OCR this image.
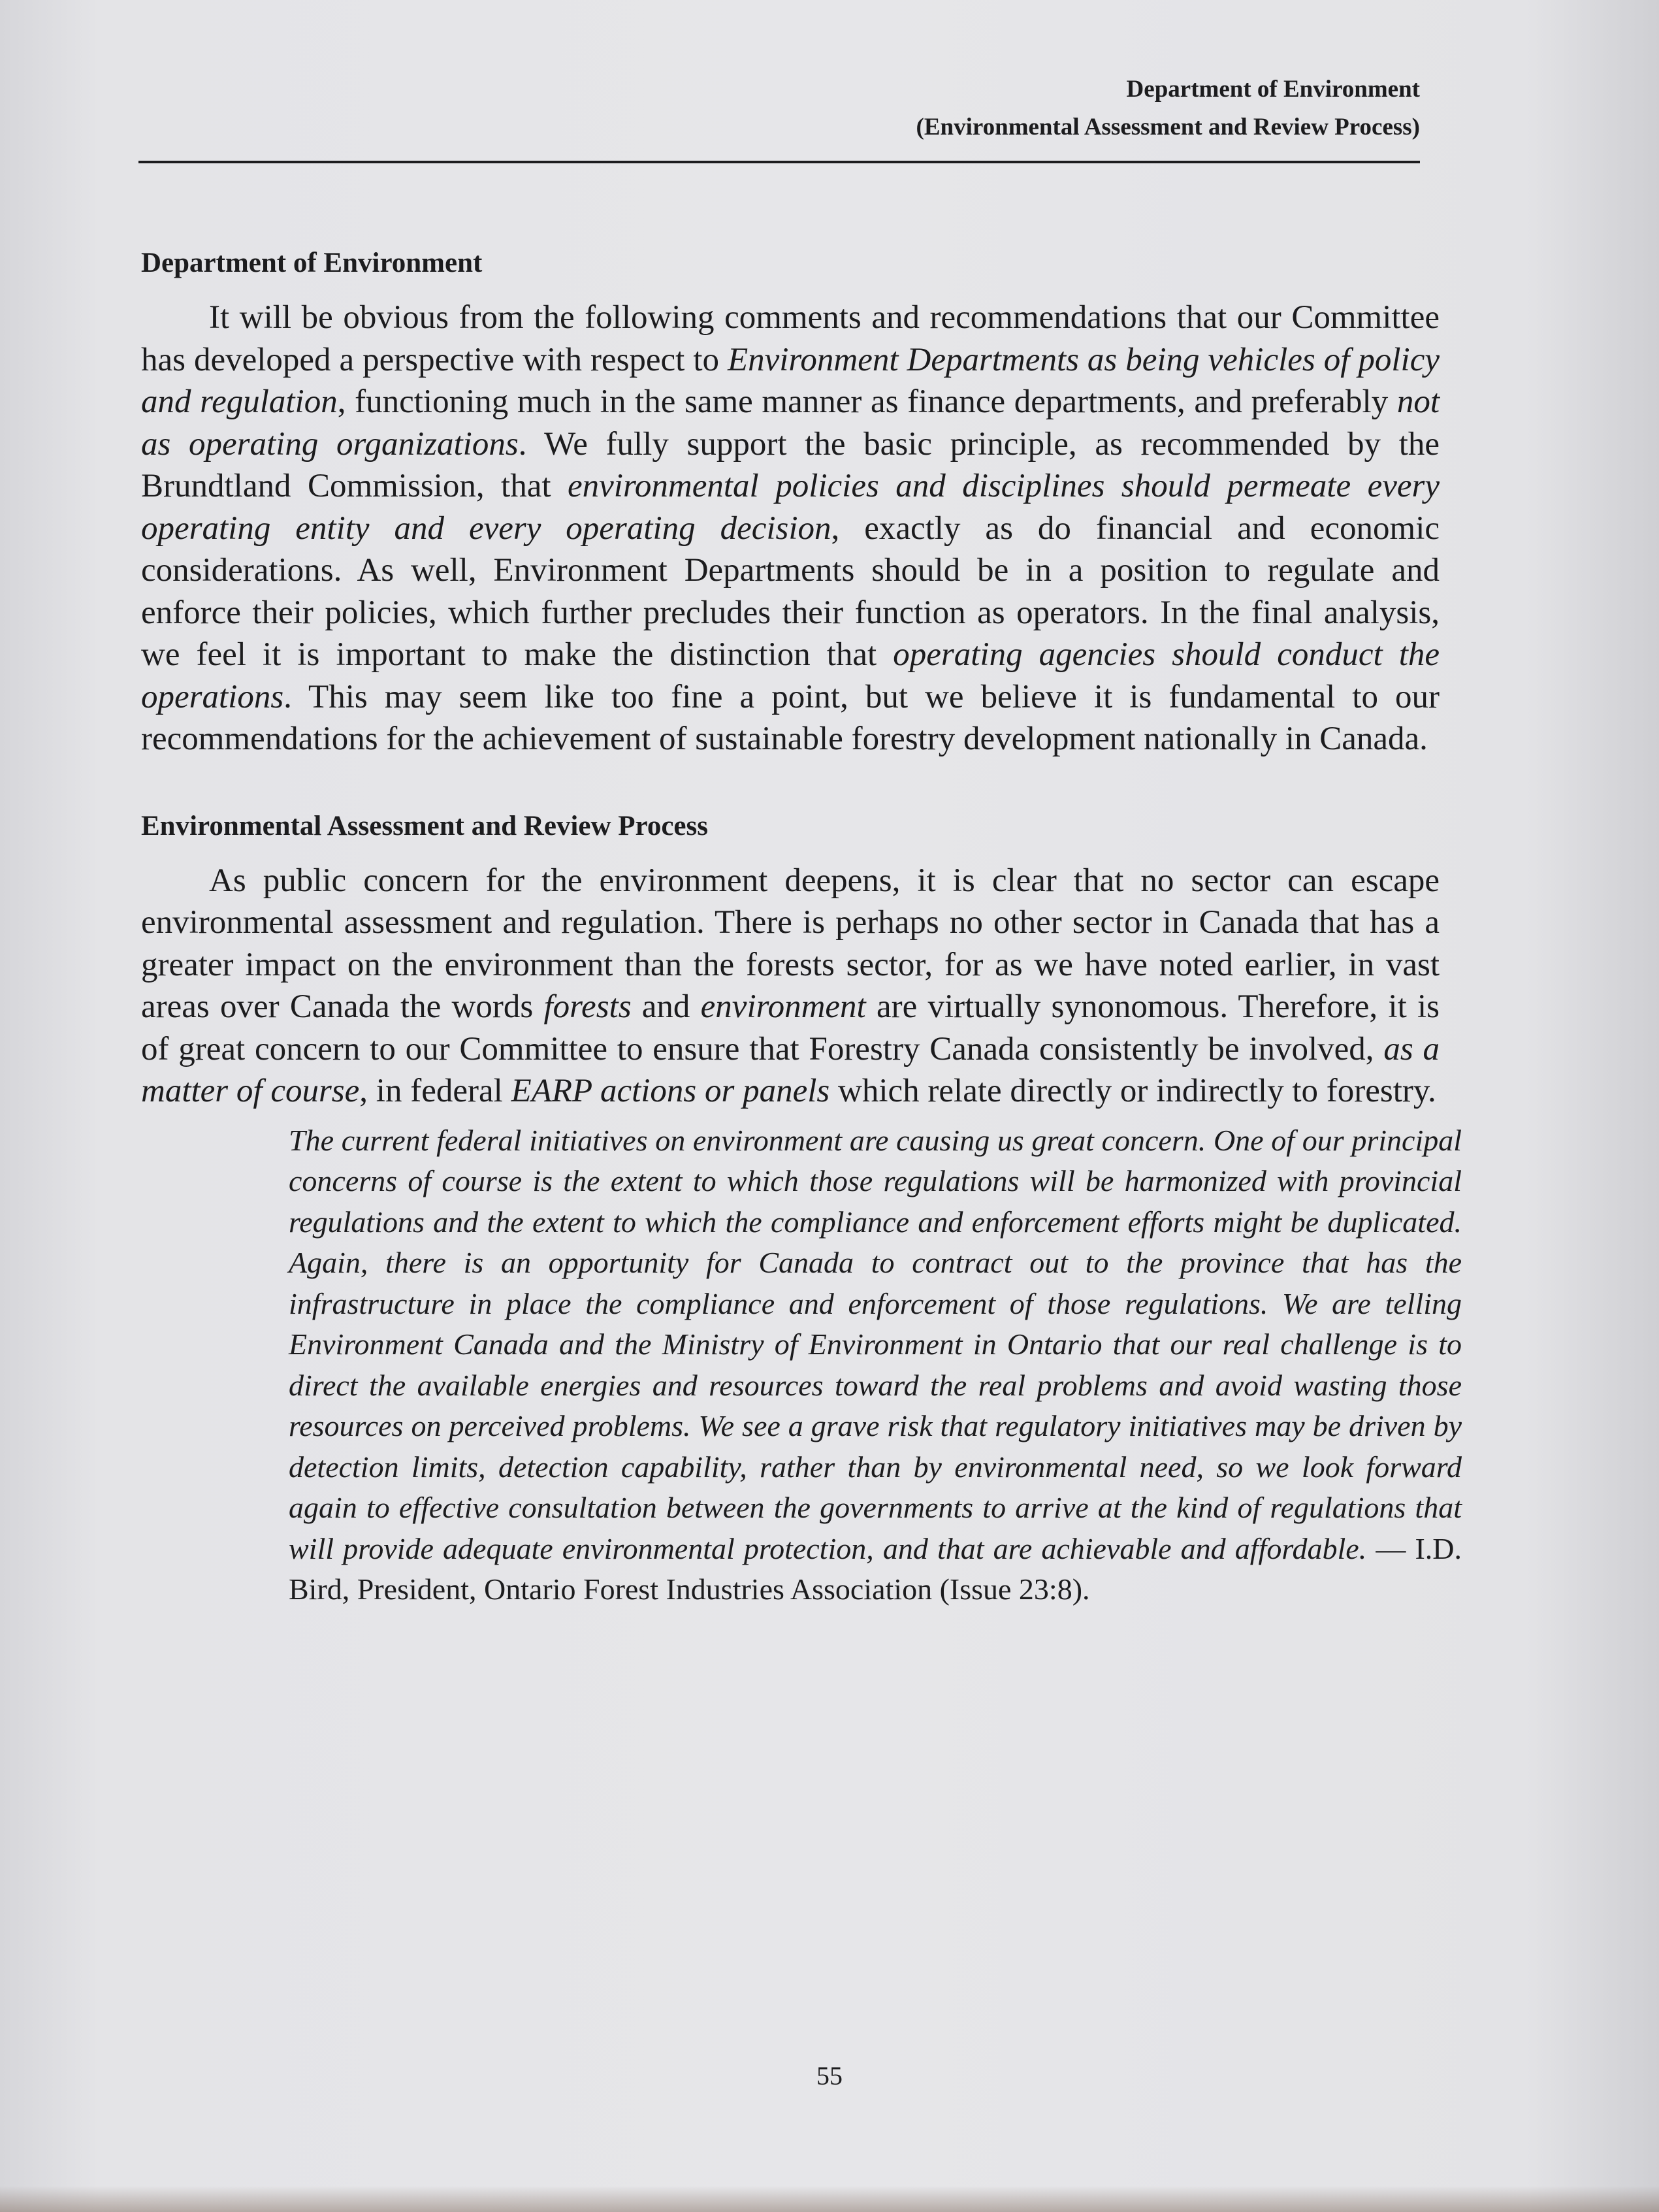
Department of Environment
(Environmental Assessment and Review Process)
Department of Environment

It will be obvious from the following comments and recommendations that our Committee has developed a perspective with respect to Environment Departments as being vehicles of policy and regulation, functioning much in the same manner as finance departments, and preferably not as operating organizations. We fully support the basic principle, as recommended by the Brundtland Commission, that environmental policies and disciplines should permeate every operating entity and every operating decision, exactly as do financial and economic considerations. As well, Environment Departments should be in a position to regulate and enforce their policies, which further precludes their function as operators. In the final analysis, we feel it is important to make the distinction that operating agencies should conduct the operations. This may seem like too fine a point, but we believe it is fundamental to our recommendations for the achievement of sustainable forestry development nationally in Canada.

Environmental Assessment and Review Process

As public concern for the environment deepens, it is clear that no sector can escape environmental assessment and regulation. There is perhaps no other sector in Canada that has a greater impact on the environment than the forests sector, for as we have noted earlier, in vast areas over Canada the words forests and environment are virtually synonomous. Therefore, it is of great concern to our Committee to ensure that Forestry Canada consistently be involved, as a matter of course, in federal EARP actions or panels which relate directly or indirectly to forestry.

The current federal initiatives on environment are causing us great concern. One of our principal concerns of course is the extent to which those regulations will be harmonized with provincial regulations and the extent to which the compliance and enforcement efforts might be duplicated. Again, there is an opportunity for Canada to contract out to the province that has the infrastructure in place the compliance and enforcement of those regulations. We are telling Environment Canada and the Ministry of Environment in Ontario that our real challenge is to direct the available energies and resources toward the real problems and avoid wasting those resources on perceived problems. We see a grave risk that regulatory initiatives may be driven by detection limits, detection capability, rather than by environmental need, so we look forward again to effective consultation between the governments to arrive at the kind of regulations that will provide adequate environmental protection, and that are achievable and affordable. — I.D. Bird, President, Ontario Forest Industries Association (Issue 23:8).
55
